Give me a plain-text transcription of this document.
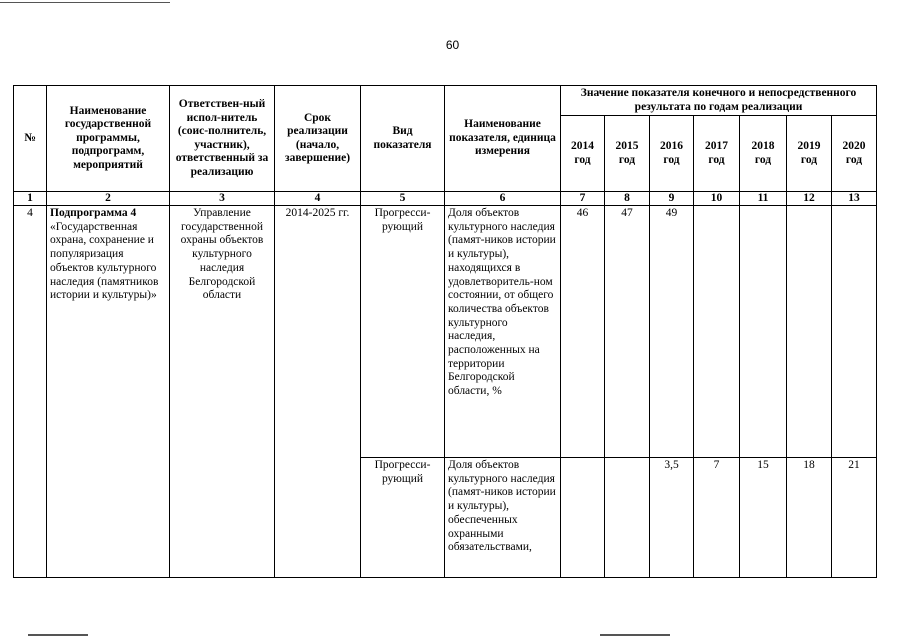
60
№	Наименование государственной программы, подпрограмм, мероприятий	Ответствен-ный испол-нитель (соис-полнитель, участник), ответственный за реализацию	Срок реализации (начало, завершение)	Вид показателя	Наименование показателя, единица измерения	Значение показателя конечного и непосредственного результата по годам реализации						
						2014 год	2015 год	2016 год	2017 год	2018 год	2019 год	2020 год
1	2	3	4	5	6	7	8	9	10	11	12	13
4	Подпрограмма 4
«Государственная охрана, сохранение и популяризация объектов культурного наследия (памятников истории и культуры)»	Управление государственной охраны объектов культурного наследия Белгородской области	2014-2025 гг.	Прогресси-рующий	Доля объектов культурного наследия (памят-ников истории и культуры), находящихся в удовлетворитель-ном состоянии, от общего количества объектов культурного наследия, расположенных на территории Белгородской области, %	46	47	49				
				Прогресси-рующий	Доля объектов культурного наследия (памят-ников истории и культуры), обеспеченных охранными обязательствами,			3,5	7	15	18	21
